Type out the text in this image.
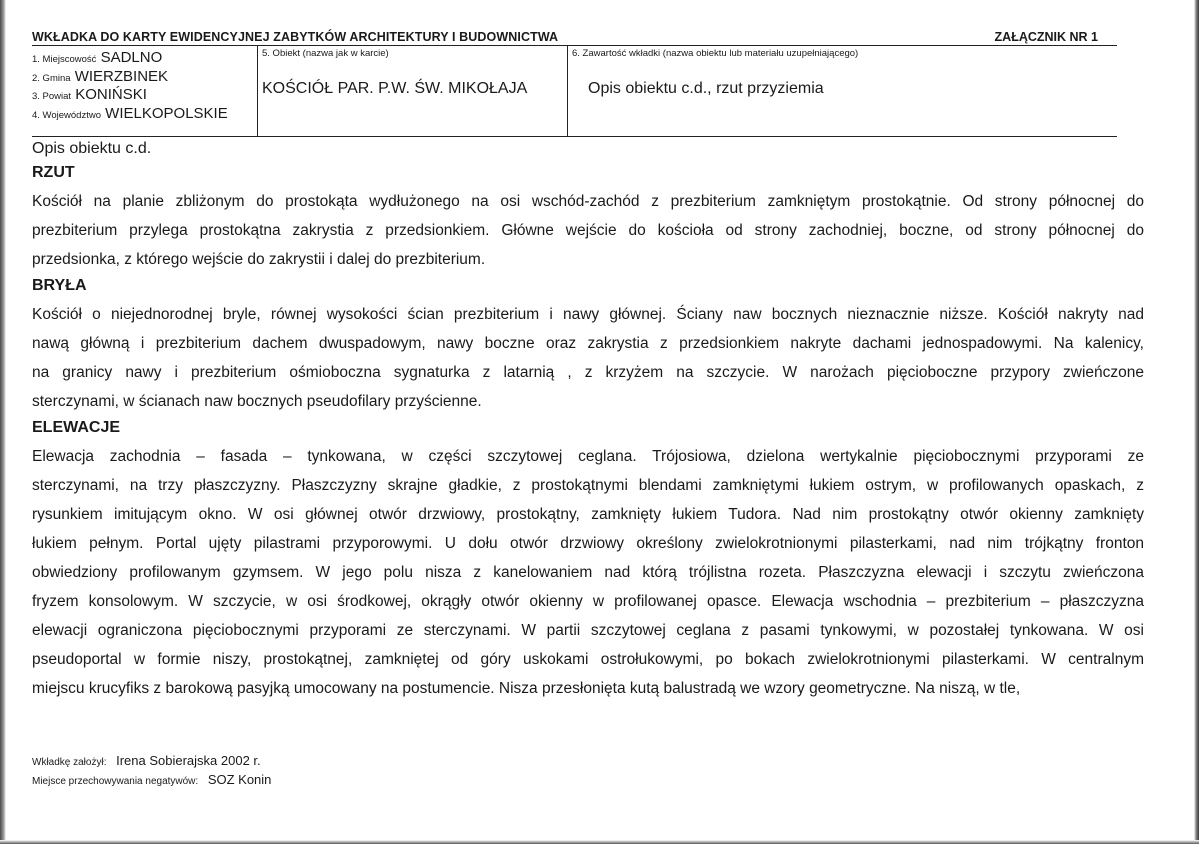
WKŁADKA DO KARTY EWIDENCYJNEJ ZABYTKÓW ARCHITEKTURY I BUDOWNICTWA	ZAŁĄCZNIK NR 1
1. Miejscowość SADLNO
2. Gmina WIERZBINEK
3. Powiat KONIŃSKI
4. Województwo WIELKOPOLSKIE
5. Obiekt (nazwa jak w karcie)
KOŚCIÓŁ PAR. P.W. ŚW. MIKOŁAJA
6. Zawartość wkładki (nazwa obiektu lub materiału uzupełniającego)
Opis obiektu c.d., rzut przyziemia
Opis obiektu c.d.
RZUT
Kościół na planie zbliżonym do prostokąta wydłużonego na osi wschód-zachód z prezbiterium zamkniętym prostokątnie. Od strony północnej do
prezbiterium przylega prostokątna zakrystia z przedsionkiem. Główne wejście do kościoła od strony zachodniej, boczne, od strony północnej do
przedsionka, z którego wejście do zakrystii i dalej do prezbiterium.
BRYŁA
Kościół o niejednorodnej bryle, równej wysokości ścian prezbiterium i nawy głównej. Ściany naw bocznych nieznacznie niższe. Kościół nakryty nad
nawą główną i prezbiterium dachem dwuspadowym, nawy boczne oraz zakrystia z przedsionkiem nakryte dachami jednospadowymi. Na kalenicy,
na granicy nawy i prezbiterium ośmioboczna sygnaturka z latarnią , z krzyżem na szczycie. W narożach pięcioboczne przypory zwieńczone
sterczynami, w ścianach naw bocznych pseudofilary przyścienne.
ELEWACJE
Elewacja zachodnia – fasada – tynkowana, w części szczytowej ceglana. Trójosiowa, dzielona wertykalnie pięciobocznymi przyporami ze
sterczynami, na trzy płaszczyzny. Płaszczyzny skrajne gładkie, z prostokątnymi blendami zamkniętymi łukiem ostrym, w profilowanych opaskach, z
rysunkiem imitującym okno. W osi głównej otwór drzwiowy, prostokątny, zamknięty łukiem Tudora. Nad nim prostokątny otwór okienny zamknięty
łukiem pełnym. Portal ujęty pilastrami przyporowymi. U dołu otwór drzwiowy określony zwielokrotnionymi pilasterkami, nad nim trójkątny fronton
obwiedziony profilowanym gzymsem. W jego polu nisza z kanelowaniem nad którą trójlistna rozeta. Płaszczyzna elewacji i szczytu zwieńczona
fryzem konsolowym. W szczycie, w osi środkowej, okrągły otwór okienny w profilowanej opasce. Elewacja wschodnia – prezbiterium – płaszczyzna
elewacji ograniczona pięciobocznymi przyporami ze sterczynami. W partii szczytowej ceglana z pasami tynkowymi, w pozostałej tynkowana. W osi
pseudoportal w formie niszy, prostokątnej, zamkniętej od góry uskokami ostrołukowymi, po bokach zwielokrotnionymi pilasterkami. W centralnym
miejscu krucyfiks z barokową pasyjką umocowany na postumencie. Nisza przesłonięta kutą balustradą we wzory geometryczne. Na niszą, w tle,
Wkładkę założył: Irena Sobierajska 2002 r.
Miejsce przechowywania negatywów: SOZ Konin
